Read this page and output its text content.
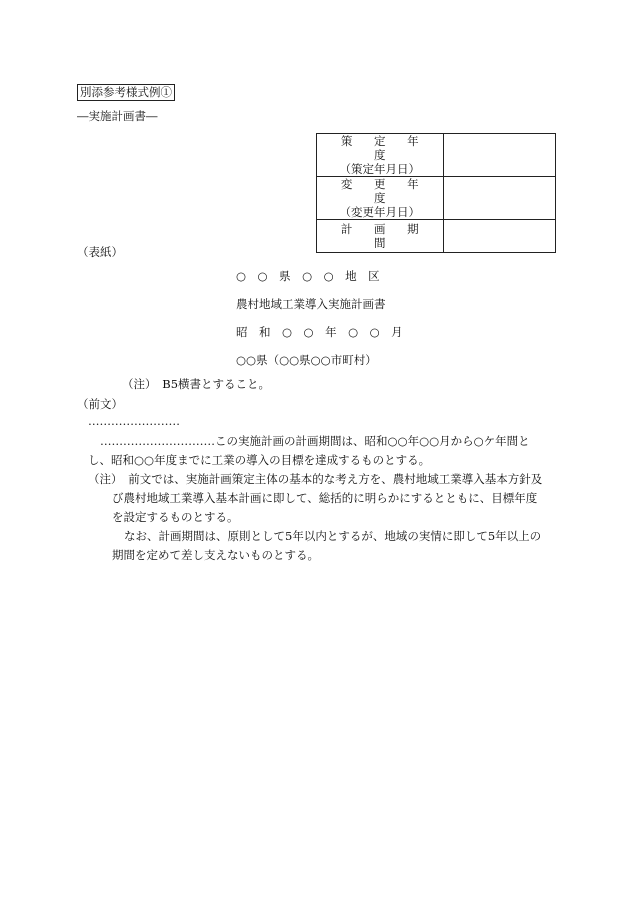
別添参考様式例①
―実施計画書―
策 定 年 度
（策定年月日）	

変 更 年 度
（変更年月日）	

計 画 期 間	

（表紙）
○　○　県　○　○　地　区
農村地域工業導入実施計画書
昭　和　○　○　年　○　○　月
○○県（○○県○○市町村）
（注）　B5横書とすること。
（前文）
……………………
…………………………この実施計画の計画期間は、昭和○○年○○月から○ケ年間と
し、昭和○○年度までに工業の導入の目標を達成するものとする。
（注）　前文では、実施計画策定主体の基本的な考え方を、農村地域工業導入基本方針及
び農村地域工業導入基本計画に即して、総括的に明らかにするとともに、目標年度
を設定するものとする。
なお、計画期間は、原則として5年以内とするが、地域の実情に即して5年以上の
期間を定めて差し支えないものとする。
